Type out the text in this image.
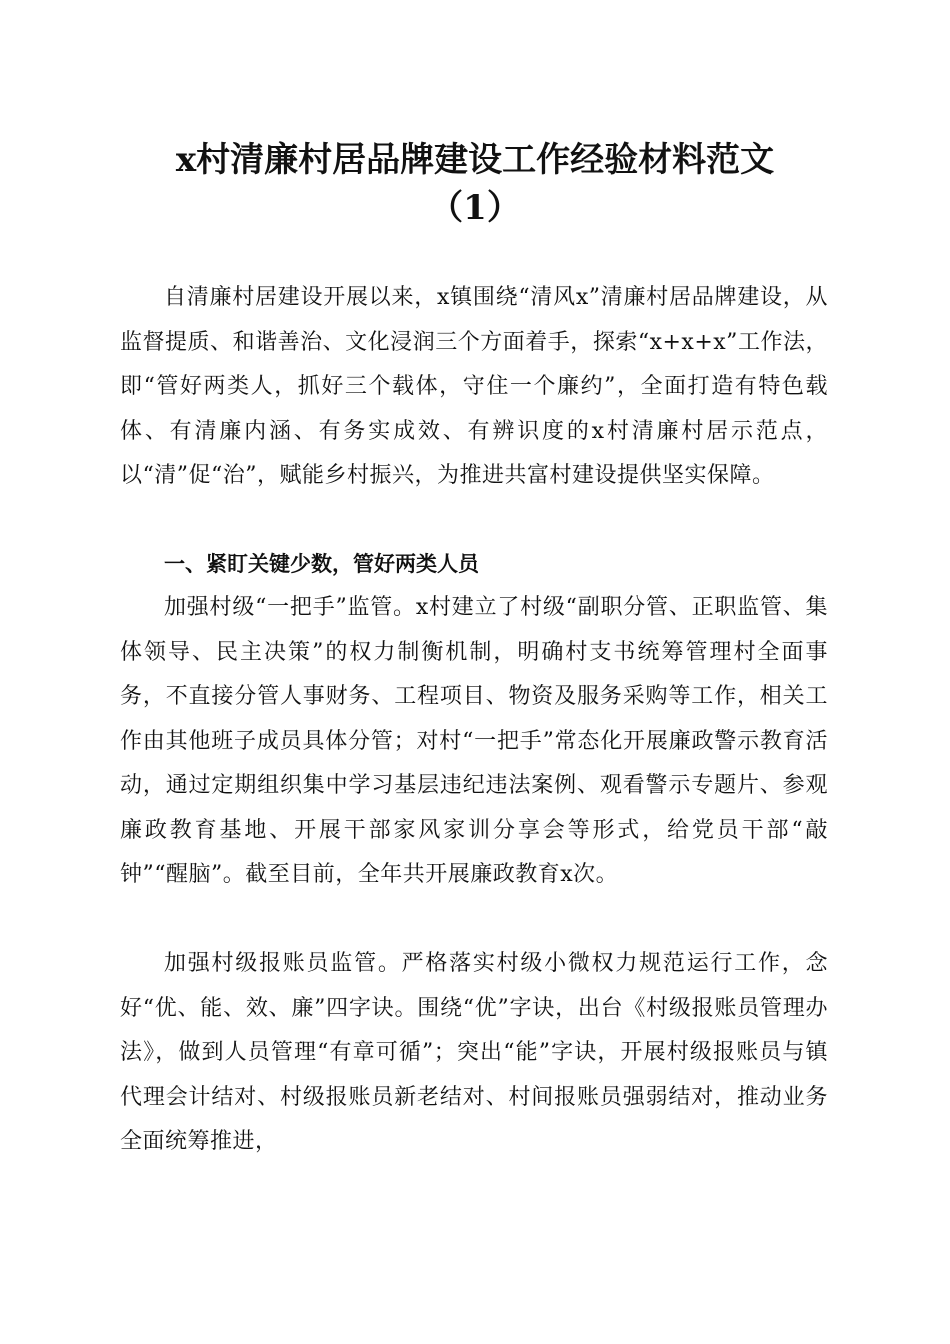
x村清廉村居品牌建设工作经验材料范文
（1）

自清廉村居建设开展以来，x镇围绕“清风x”清廉村居品牌建设，从监督提质、和谐善治、文化浸润三个方面着手，探索“x+x+x”工作法，即“管好两类人，抓好三个载体，守住一个廉约”，全面打造有特色载体、有清廉内涵、有务实成效、有辨识度的x村清廉村居示范点，以“清”促“治”，赋能乡村振兴，为推进共富村建设提供坚实保障。

一、紧盯关键少数，管好两类人员

加强村级“一把手”监管。x村建立了村级“副职分管、正职监管、集体领导、民主决策”的权力制衡机制，明确村支书统筹管理村全面事务，不直接分管人事财务、工程项目、物资及服务采购等工作，相关工作由其他班子成员具体分管；对村“一把手”常态化开展廉政警示教育活动，通过定期组织集中学习基层违纪违法案例、观看警示专题片、参观廉政教育基地、开展干部家风家训分享会等形式，给党员干部“敲钟”“醒脑”。截至目前，全年共开展廉政教育x次。

加强村级报账员监管。严格落实村级小微权力规范运行工作，念好“优、能、效、廉”四字诀。围绕“优”字诀，出台《村级报账员管理办法》，做到人员管理“有章可循”；突出“能”字诀，开展村级报账员与镇代理会计结对、村级报账员新老结对、村间报账员强弱结对，推动业务全面统筹推进，
